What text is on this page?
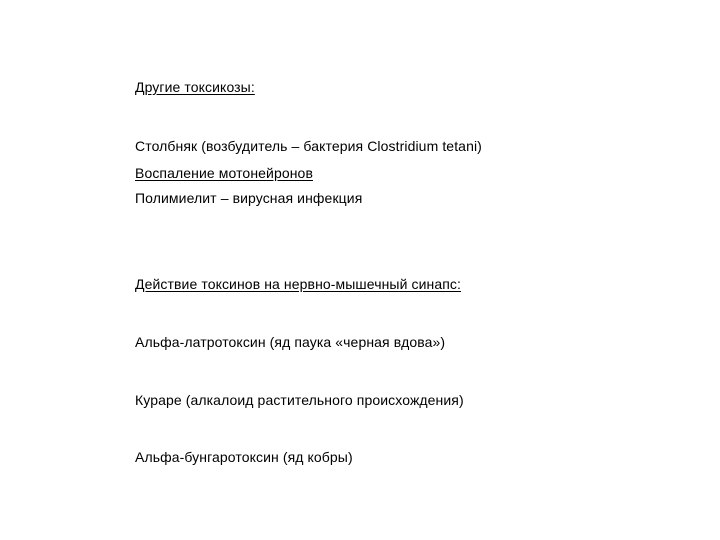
Другие токсикозы:
Столбняк (возбудитель – бактерия Clostridium tetani)
Воспаление мотонейронов
Полимиелит – вирусная инфекция
Действие токсинов на нервно-мышечный синапс:
Альфа-латротоксин (яд паука «черная вдова»)
Кураре (алкалоид растительного происхождения)
Альфа-бунгаротоксин (яд кобры)
